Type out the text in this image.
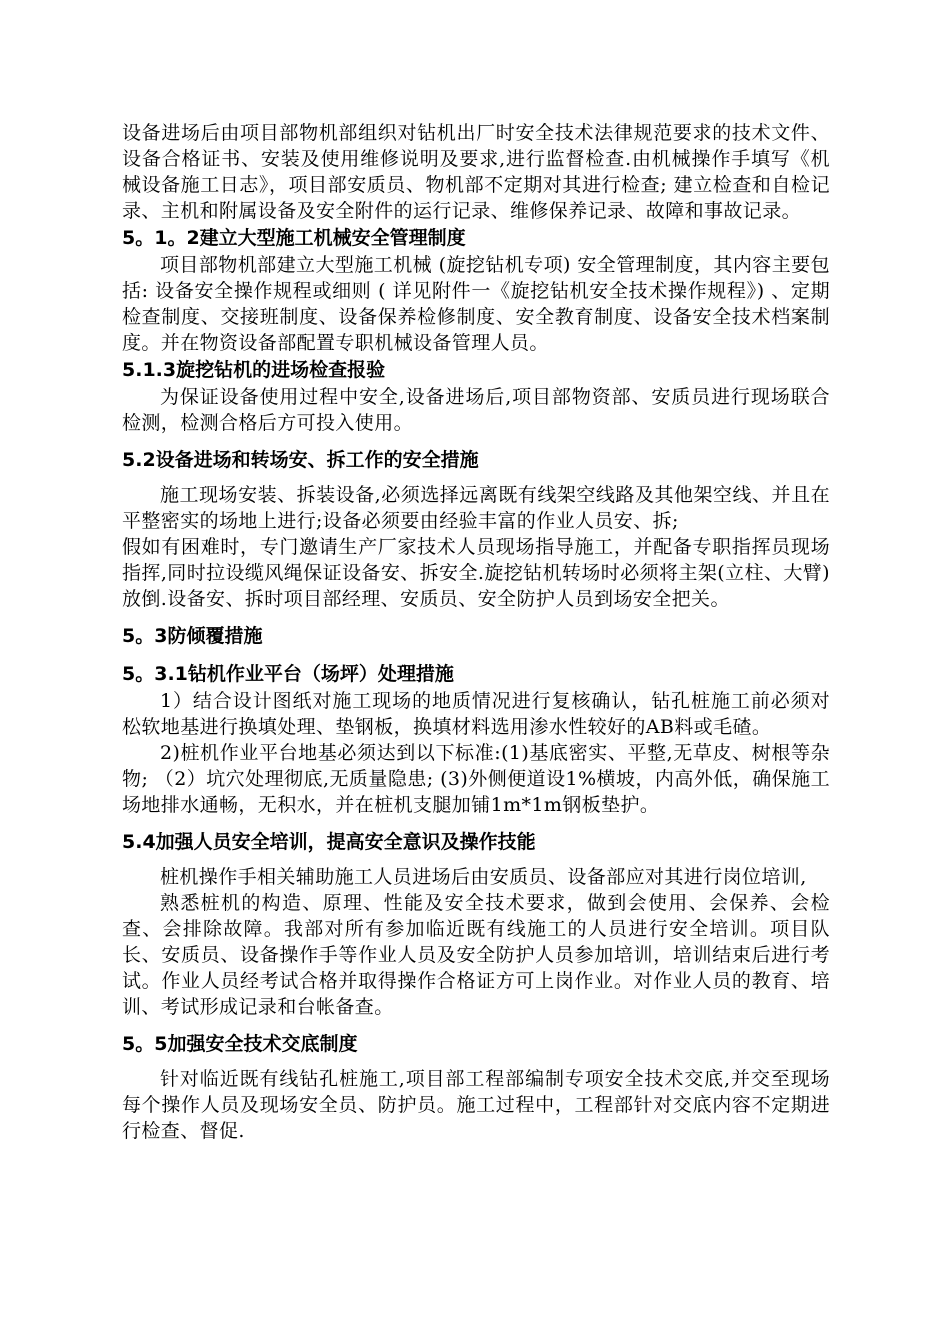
设备进场后由项目部物机部组织对钻机出厂时安全技术法律规范要求的技术文件、设备合格证书、安装及使用维修说明及要求,进行监督检查.由机械操作手填写《机械设备施工日志》，项目部安质员、物机部不定期对其进行检查; 建立检查和自检记录、主机和附属设备及安全附件的运行记录、维修保养记录、故障和事故记录。

5。1。2建立大型施工机械安全管理制度

项目部物机部建立大型施工机械 (旋挖钻机专项) 安全管理制度，其内容主要包括: 设备安全操作规程或细则 ( 详见附件一《旋挖钻机安全技术操作规程》) 、定期检查制度、交接班制度、设备保养检修制度、安全教育制度、设备安全技术档案制度。并在物资设备部配置专职机械设备管理人员。

5.1.3旋挖钻机的进场检查报验

为保证设备使用过程中安全,设备进场后,项目部物资部、安质员进行现场联合检测，检测合格后方可投入使用。

5.2设备进场和转场安、拆工作的安全措施

施工现场安装、拆装设备,必须选择远离既有线架空线路及其他架空线、并且在平整密实的场地上进行;设备必须要由经验丰富的作业人员安、拆;

假如有困难时，专门邀请生产厂家技术人员现场指导施工，并配备专职指挥员现场指挥,同时拉设缆风绳保证设备安、拆安全.旋挖钻机转场时必须将主架(立柱、大臂)放倒.设备安、拆时项目部经理、安质员、安全防护人员到场安全把关。

5。3防倾覆措施
5。3.1钻机作业平台（场坪）处理措施

1）结合设计图纸对施工现场的地质情况进行复核确认，钻孔桩施工前必须对松软地基进行换填处理、垫钢板，换填材料选用渗水性较好的AB料或毛碴。

2)桩机作业平台地基必须达到以下标准:(1)基底密实、平整,无草皮、树根等杂物; （2）坑穴处理彻底,无质量隐患; (3)外侧便道设1%横坡，内高外低，确保施工场地排水通畅，无积水，并在桩机支腿加铺1m*1m钢板垫护。

5.4加强人员安全培训，提高安全意识及操作技能

桩机操作手相关辅助施工人员进场后由安质员、设备部应对其进行岗位培训,

熟悉桩机的构造、原理、性能及安全技术要求，做到会使用、会保养、会检查、会排除故障。我部对所有参加临近既有线施工的人员进行安全培训。项目队长、安质员、设备操作手等作业人员及安全防护人员参加培训，培训结束后进行考试。作业人员经考试合格并取得操作合格证方可上岗作业。对作业人员的教育、培训、考试形成记录和台帐备查。

5。5加强安全技术交底制度

针对临近既有线钻孔桩施工,项目部工程部编制专项安全技术交底,并交至现场每个操作人员及现场安全员、防护员。施工过程中，工程部针对交底内容不定期进行检查、督促.
